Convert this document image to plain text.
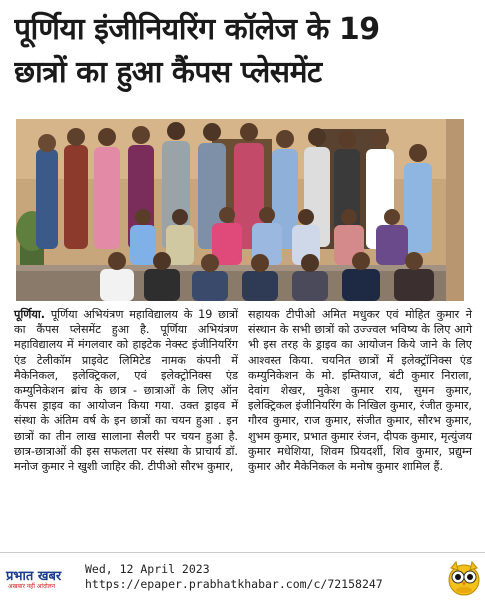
पूर्णिया इंजीनियरिंग कॉलेज के 19
छात्रों का हुआ कैंपस प्लेसमेंट

पूर्णिया. पूर्णिया अभियंत्रण महाविद्यालय के 19 छात्रों का कैंपस प्लेसमेंट हुआ है. पूर्णिया अभियंत्रण महाविद्यालय में मंगलवार को हाइटेक नेक्स्ट इंजीनियरिंग एंड टेलीकॉम प्राइवेट लिमिटेड नामक कंपनी में मैकेनिकल, इलेक्ट्रिकल, एवं इलेक्ट्रोनिक्स एंड कम्युनिकेशन ब्रांच के छात्र - छात्राओं के लिए ऑन कैंपस ड्राइव का आयोजन किया गया. उक्त ड्राइव में संस्था के अंतिम वर्ष के इन छात्रों का चयन हुआ . इन छात्रों का तीन लाख सालाना सैलरी पर चयन हुआ है. छात्र-छात्राओं की इस सफलता पर संस्था के प्राचार्य डॉ. मनोज कुमार ने खुशी जाहिर की. टीपीओ सौरभ कुमार,

सहायक टीपीओ अमित मधुकर एवं मोहित कुमार ने संस्थान के सभी छात्रों को उज्ज्वल भविष्य के लिए आगे भी इस तरह के ड्राइव का आयोजन किये जाने के लिए आश्वस्त किया. चयनित छात्रों में इलेक्ट्रॉनिक्स एंड कम्युनिकेशन के मो. इम्तियाज, बंटी कुमार निराला, देवांग शेखर, मुकेश कुमार राय, सुमन कुमार, इलेक्ट्रिकल इंजीनियरिंग के निखिल कुमार, रंजीत कुमार, गौरव कुमार, राज कुमार, संजीत कुमार, सौरभ कुमार, शुभम कुमार, प्रभात कुमार रंजन, दीपक कुमार, मृत्युंजय कुमार मधेशिया, शिवम प्रियदर्शी, शिव कुमार, प्रद्युम्न कुमार और मैकेनिकल के मनोष कुमार शामिल हैं.

प्रभात खबर
अखबार नहीं आंदोलन
Wed, 12 April 2023
https://epaper.prabhatkhabar.com/c/72158247
